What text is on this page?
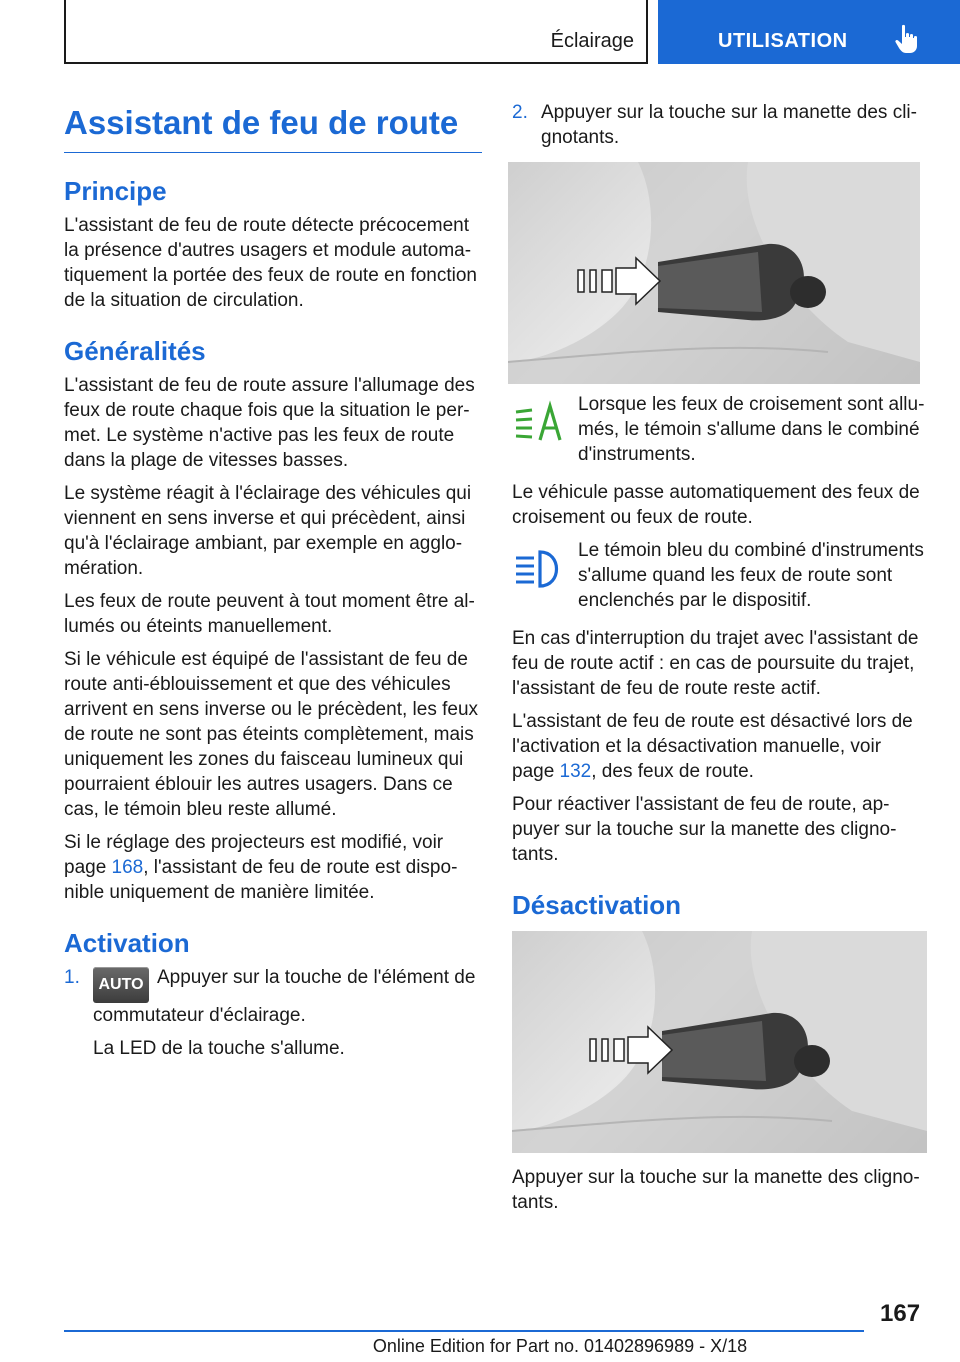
Éclairage	UTILISATION
Assistant de feu de route
Principe

L'assistant de feu de route détecte précocement la présence d'autres usagers et module automatiquement la portée des feux de route en fonction de la situation de circulation.

Généralités

L'assistant de feu de route assure l'allumage des feux de route chaque fois que la situation le permet. Le système n'active pas les feux de route dans la plage de vitesses basses.

Le système réagit à l'éclairage des véhicules qui viennent en sens inverse et qui précèdent, ainsi qu'à l'éclairage ambiant, par exemple en agglomération.

Les feux de route peuvent à tout moment être allumés ou éteints manuellement.

Si le véhicule est équipé de l'assistant de feu de route anti-éblouissement et que des véhicules arrivent en sens inverse ou le précèdent, les feux de route ne sont pas éteints complètement, mais uniquement les zones du faisceau lumineux qui pourraient éblouir les autres usagers. Dans ce cas, le témoin bleu reste allumé.

Si le réglage des projecteurs est modifié, voir page 168, l'assistant de feu de route est disponible uniquement de manière limitée.

Activation
1.	AUTO Appuyer sur la touche de l'élément de commutateur d'éclairage.

La LED de la touche s'allume.

2. Appuyer sur la touche sur la manette des clignotants.

Lorsque les feux de croisement sont allumés, le témoin s'allume dans le combiné d'instruments.

Le véhicule passe automatiquement des feux de croisement ou feux de route.

Le témoin bleu du combiné d'instruments s'allume quand les feux de route sont enclenchés par le dispositif.

En cas d'interruption du trajet avec l'assistant de feu de route actif : en cas de poursuite du trajet, l'assistant de feu de route reste actif.

L'assistant de feu de route est désactivé lors de l'activation et la désactivation manuelle, voir page 132, des feux de route.

Pour réactiver l'assistant de feu de route, appuyer sur la touche sur la manette des clignotants.

Désactivation

Appuyer sur la touche sur la manette des clignotants.

167
Online Edition for Part no. 01402896989 - X/18
